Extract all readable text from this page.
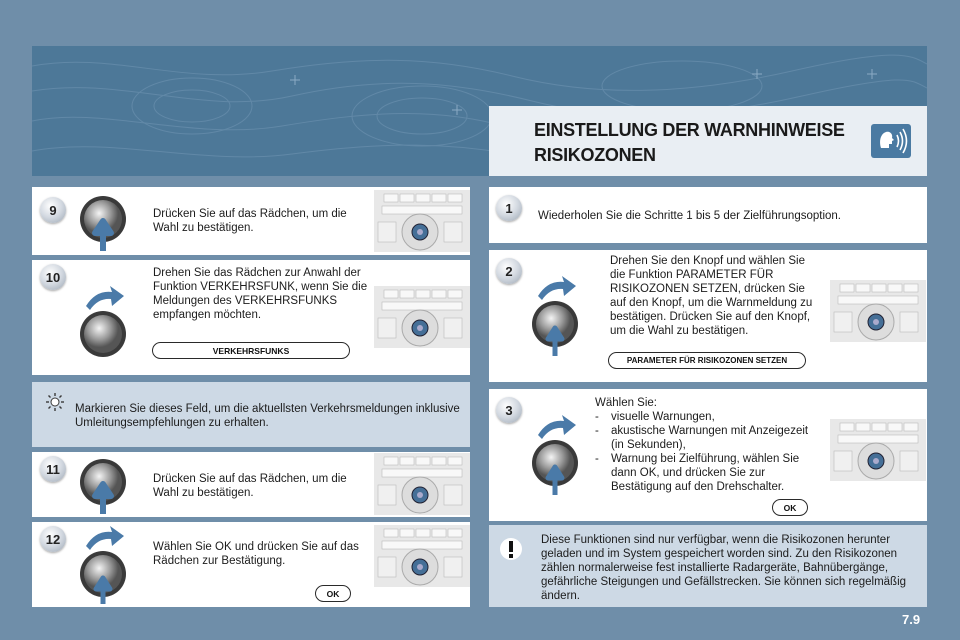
EINSTELLUNG DER WARNHINWEISE RISIKOZONEN
9	Drücken Sie auf das Rädchen, um die Wahl zu bestätigen.
10	Drehen Sie das Rädchen zur Anwahl der Funktion VERKEHRSFUNK, wenn Sie die Meldungen des VERKEHRSFUNKS empfangen möchten.
VERKEHRSFUNKS
Markieren Sie dieses Feld, um die aktuellsten Verkehrsmeldungen inklusive Umleitungsempfehlungen zu erhalten.
11
Drücken Sie auf das Rädchen, um die Wahl zu bestätigen.
12
Wählen Sie OK und drücken Sie auf das Rädchen zur Bestätigung.
OK
1
Wiederholen Sie die Schritte 1 bis 5 der Zielführungsoption.
2
Drehen Sie den Knopf und wählen Sie die Funktion PARAMETER FÜR RISIKOZONEN SETZEN, drücken Sie auf den Knopf, um die Warnmeldung zu bestätigen. Drücken Sie auf den Knopf, um die Wahl zu bestätigen.
PARAMETER FÜR RISIKOZONEN SETZEN
3	Wählen Sie:
-	visuelle Warnungen,
-	akustische Warnungen mit Anzeigezeit (in Sekunden),
-	Warnung bei Zielführung, wählen Sie dann OK, und drücken Sie zur Bestätigung auf den Drehschalter.
OK
Diese Funktionen sind nur verfügbar, wenn die Risikozonen herunter geladen und im System gespeichert worden sind. Zu den Risikozonen zählen normalerweise fest installierte Radargeräte, Bahnübergänge, gefährliche Steigungen und Gefällstrecken. Sie können sich regelmäßig ändern.
7.9
